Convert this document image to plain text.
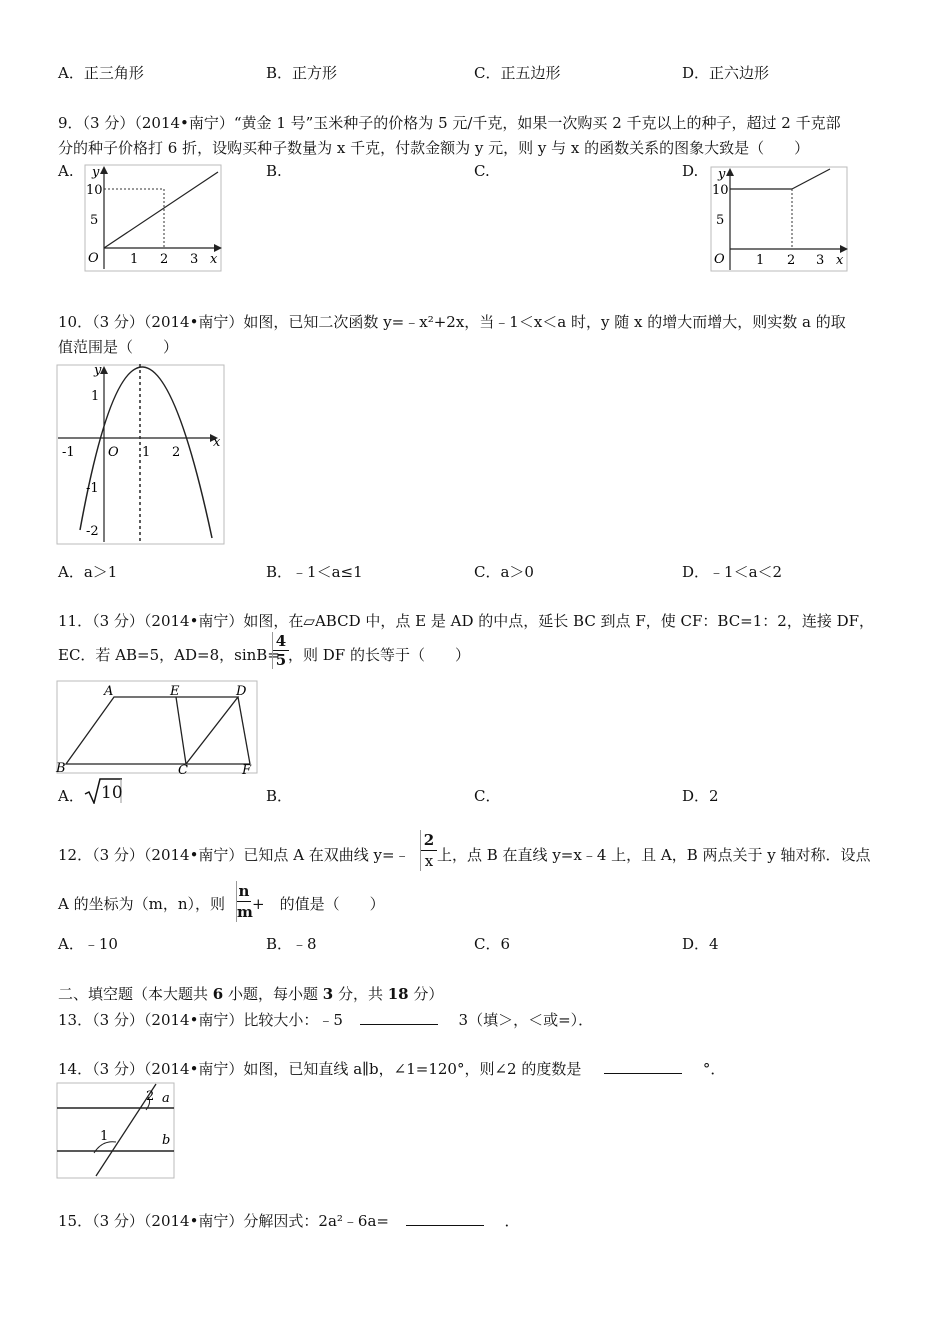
A．正三角形	B．正方形	C．正五边形	D．正六边形
9．（3 分）（2014•南宁）“黄金 1 号”玉米种子的价格为 5 元/千克，如果一次购买 2 千克以上的种子，超过 2 千克部
分的种子价格打 6 折，设购买种子数量为 x 千克，付款金额为 y 元，则 y 与 x 的函数关系的图象大致是（　　）
A.	B.	C.	D.
y
10
5
O 1 2 3 x
y
10
5
O 1 2 3 x
10．（3 分）（2014•南宁）如图，已知二次函数 y=﹣x²+2x，当﹣1＜x＜a 时，y 随 x 的增大而增大，则实数 a 的取
值范围是（　　）
y
1
-1
-2
-1	O 1 2
x
A．a＞1	B．﹣1＜a≤1	C．a＞0	D．﹣1＜a＜2
11．（3 分）（2014•南宁）如图，在▱ABCD 中，点 E 是 AD 的中点，延长 BC 到点 F，使 CF：BC=1：2，连接 DF，
EC．若 AB=5，AD=8，sinB=
$\frac{4}{5}$ ，则 DF 的长等于（　　）
A	E	D
B	C	F
A． 10	B．	C．	D．2
12．（3 分）（2014•南宁）已知点 A 在双曲线 y=﹣ $\frac{2}{x}$ 上，点 B 在直线 y=x﹣4 上，且 A，B 两点关于 y 轴对称．设点
A 的坐标为（m，n），则 $\frac{n}{m}$ +　的值是（　　）
A．﹣10	B．﹣8	C．6	D．4
二、填空题（本大题共 6 小题，每小题 3 分，共 18 分）
13．（3 分）（2014•南宁）比较大小：﹣5	3（填＞，＜或=）．
14．（3 分）（2014•南宁）如图，已知直线 a∥b，∠1=120°，则∠2 的度数是	°．
1
2 a
b
15．（3 分）（2014•南宁）分解因式：2a²﹣6a=	．
